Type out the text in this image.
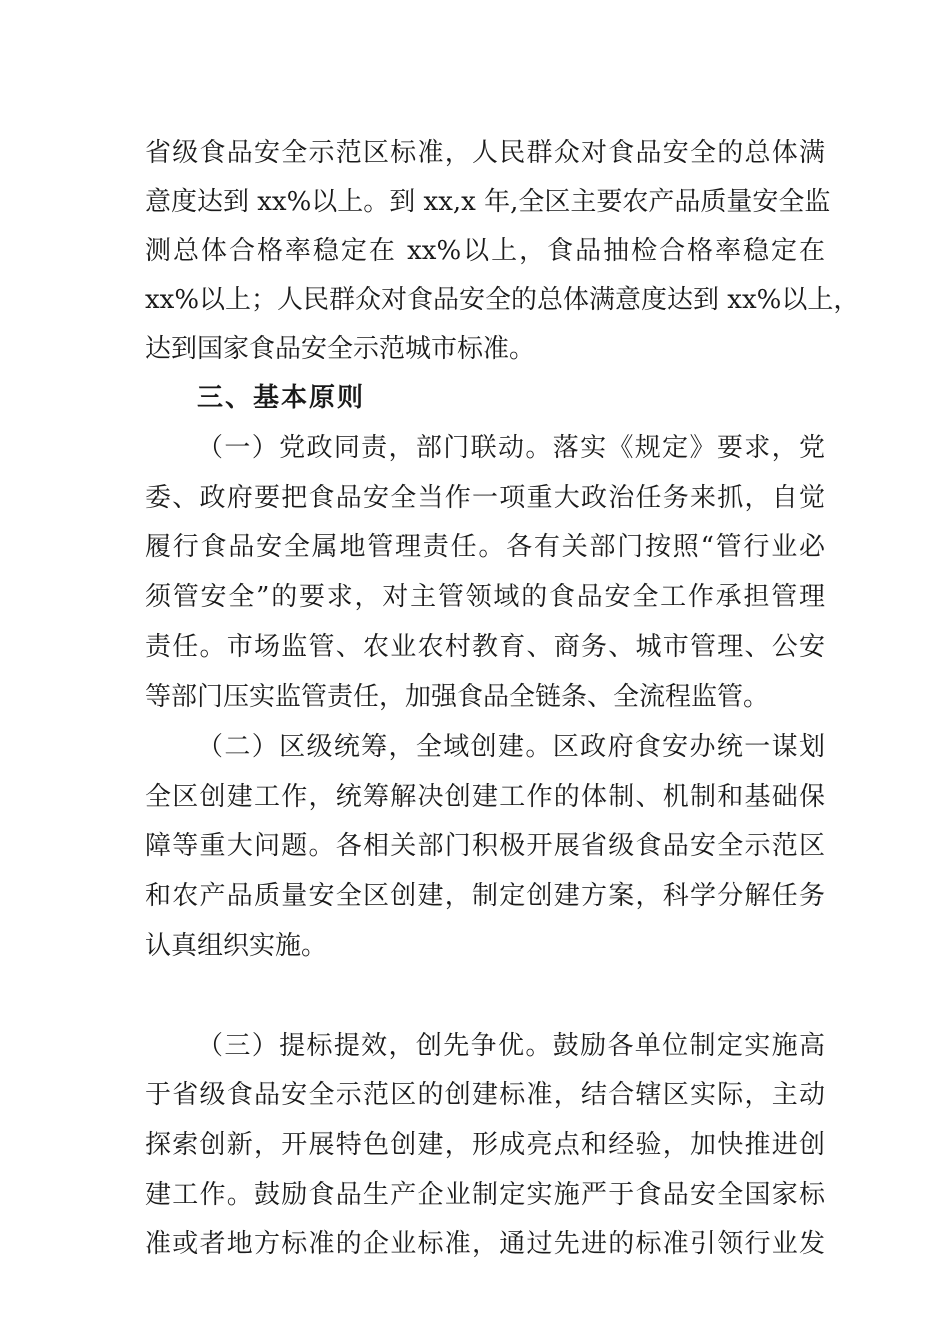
省级食品安全示范区标准，人民群众对食品安全的总体满
意度达到 xx%以上。到 xx,x 年,全区主要农产品质量安全监
测总体合格率稳定在 xx%以上，食品抽检合格率稳定在
xx%以上；人民群众对食品安全的总体满意度达到 xx%以上，
达到国家食品安全示范城市标准。
三、基本原则
（一）党政同责，部门联动。落实《规定》要求，党
委、政府要把食品安全当作一项重大政治任务来抓，自觉
履行食品安全属地管理责任。各有关部门按照“管行业必
须管安全”的要求，对主管领域的食品安全工作承担管理
责任。市场监管、农业农村教育、商务、城市管理、公安
等部门压实监管责任，加强食品全链条、全流程监管。
（二）区级统筹，全域创建。区政府食安办统一谋划
全区创建工作，统筹解决创建工作的体制、机制和基础保
障等重大问题。各相关部门积极开展省级食品安全示范区
和农产品质量安全区创建，制定创建方案，科学分解任务
认真组织实施。
（三）提标提效，创先争优。鼓励各单位制定实施高
于省级食品安全示范区的创建标准，结合辖区实际，主动
探索创新，开展特色创建，形成亮点和经验，加快推进创
建工作。鼓励食品生产企业制定实施严于食品安全国家标
准或者地方标准的企业标准，通过先进的标准引领行业发
